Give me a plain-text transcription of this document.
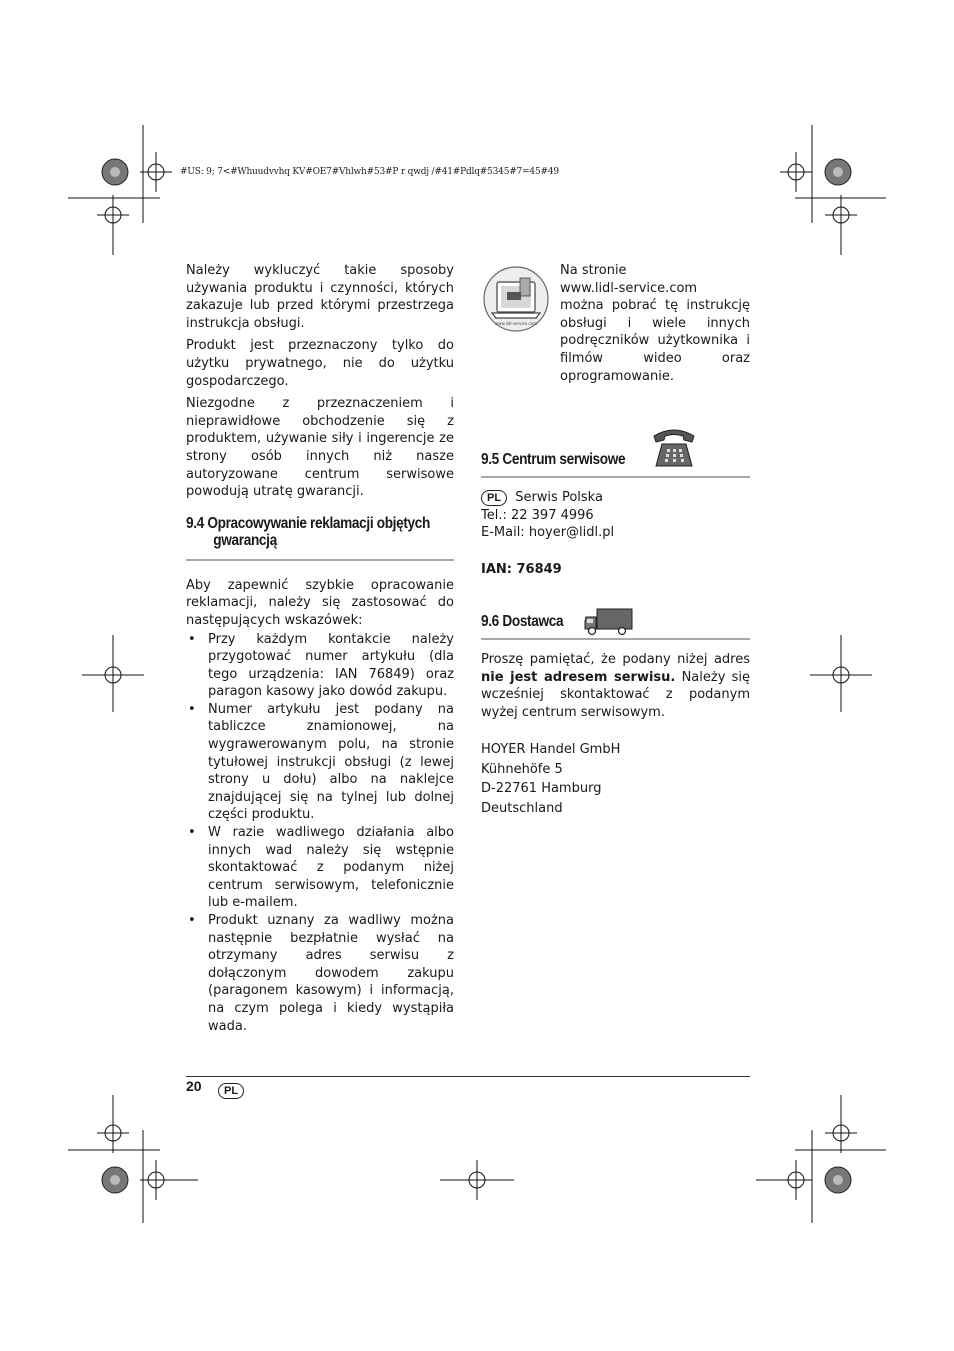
#US: 9; 7<#Whuudvvhq KV#OE7#Vhlwh#53#P r qwdj /#41#Pdlq#5345#7=45#49

Należy wykluczyć takie sposoby używania produktu i czynności, których zakazuje lub przed którymi przestrzega instrukcja obsługi.

Produkt jest przeznaczony tylko do użytku prywatnego, nie do użytku gospodarczego.

Niezgodne z przeznaczeniem i nieprawidłowe obchodzenie się z produktem, używanie siły i ingerencje ze strony osób innych niż nasze autoryzowane centrum serwisowe powodują utratę gwarancji.

9.4 Opracowywanie reklamacji objętych
gwarancją

Aby zapewnić szybkie opracowanie reklamacji, należy się zastosować do następujących wskazówek:

• Przy każdym kontakcie należy przygotować numer artykułu (dla tego urządzenia: IAN 76849) oraz paragon kasowy jako dowód zakupu.
• Numer artykułu jest podany na tabliczce znamionowej, na wygrawerowanym polu, na stronie tytułowej instrukcji obsługi (z lewej strony u dołu) albo na naklejce znajdującej się na tylnej lub dolnej części produktu.
• W razie wadliwego działania albo innych wad należy się wstępnie skontaktować z podanym niżej centrum serwisowym, telefonicznie lub e-mailem.
• Produkt uznany za wadliwy można następnie bezpłatnie wysłać na otrzymany adres serwisu z dołączonym dowodem zakupu (paragonem kasowym) i informacją, na czym polega i kiedy wystąpiła wada.
www.lidl-service.com
Na stronie
www.lidl-service.com
można pobrać tę instrukcję obsługi i wiele innych podręczników użytkownika i filmów wideo oraz oprogramowanie.
9.5 Centrum serwisowe
PL Serwis Polska
Tel.: 22 397 4996
E-Mail: hoyer@lidl.pl
IAN: 76849
9.6 Dostawca

Proszę pamiętać, że podany niżej adres nie jest adresem serwisu. Należy się wcześniej skontaktować z podanym wyżej centrum serwisowym.

HOYER Handel GmbH
Kühnehöfe 5
D-22761 Hamburg
Deutschland
20	PL
